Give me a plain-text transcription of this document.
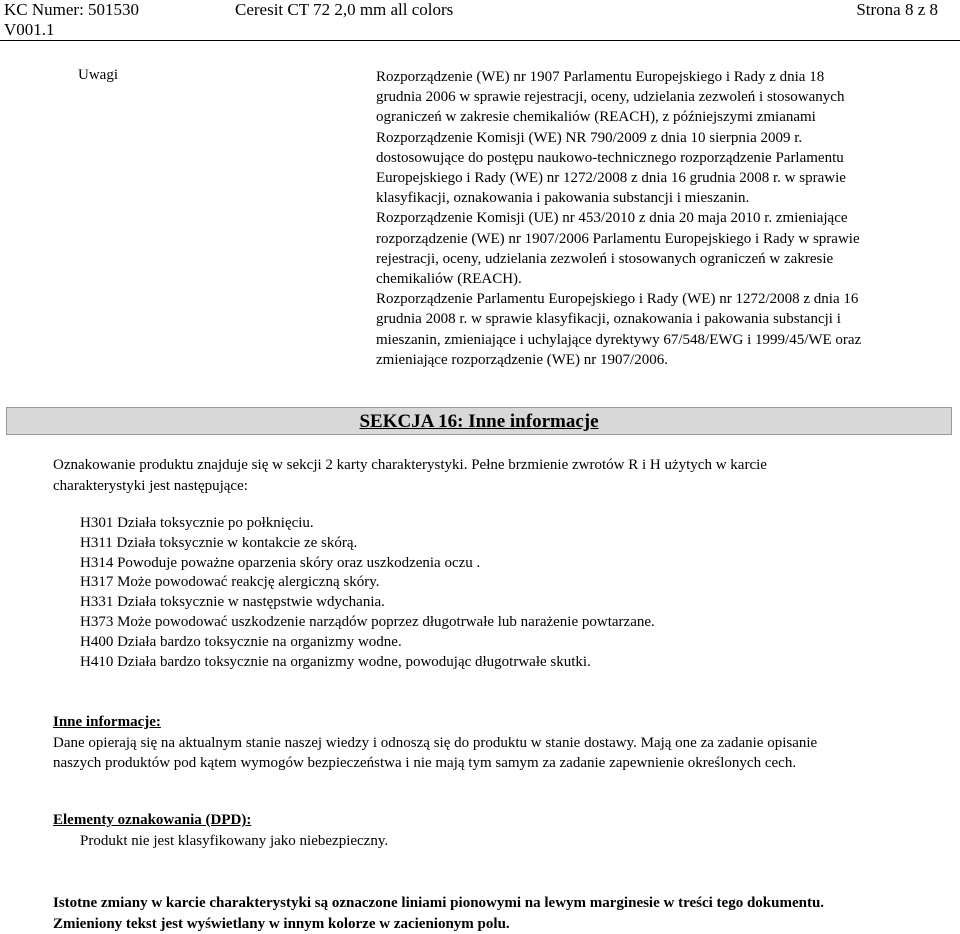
KC Numer: 501530
V001.1
Ceresit CT 72 2,0 mm all colors	Strona 8 z 8
Uwagi	Rozporządzenie (WE) nr 1907 Parlamentu Europejskiego i Rady z dnia 18
grudnia 2006 w sprawie rejestracji, oceny, udzielania zezwoleń i stosowanych
ograniczeń w zakresie chemikaliów (REACH), z późniejszymi zmianami
Rozporządzenie Komisji (WE) NR 790/2009 z dnia 10 sierpnia 2009 r.
dostosowujące do postępu naukowo-technicznego rozporządzenie Parlamentu
Europejskiego i Rady (WE) nr 1272/2008 z dnia 16 grudnia 2008 r. w sprawie
klasyfikacji, oznakowania i pakowania substancji i mieszanin.
Rozporządzenie Komisji (UE) nr 453/2010 z dnia 20 maja 2010 r. zmieniające
rozporządzenie (WE) nr 1907/2006 Parlamentu Europejskiego i Rady w sprawie
rejestracji, oceny, udzielania zezwoleń i stosowanych ograniczeń w zakresie
chemikaliów (REACH).
Rozporządzenie Parlamentu Europejskiego i Rady (WE) nr 1272/2008 z dnia 16
grudnia 2008 r. w sprawie klasyfikacji, oznakowania i pakowania substancji i
mieszanin, zmieniające i uchylające dyrektywy 67/548/EWG i 1999/45/WE oraz
zmieniające rozporządzenie (WE) nr 1907/2006.
SEKCJA 16: Inne informacje
Oznakowanie produktu znajduje się w sekcji 2 karty charakterystyki. Pełne brzmienie zwrotów R i H użytych w karcie
charakterystyki jest następujące:
H301 Działa toksycznie po połknięciu.
H311 Działa toksycznie w kontakcie ze skórą.
H314 Powoduje poważne oparzenia skóry oraz uszkodzenia oczu .
H317 Może powodować reakcję alergiczną skóry.
H331 Działa toksycznie w następstwie wdychania.
H373 Może powodować uszkodzenie narządów poprzez długotrwałe lub narażenie powtarzane.
H400 Działa bardzo toksycznie na organizmy wodne.
H410 Działa bardzo toksycznie na organizmy wodne, powodując długotrwałe skutki.
Inne informacje:
Dane opierają się na aktualnym stanie naszej wiedzy i odnoszą się do produktu w stanie dostawy. Mają one za zadanie opisanie
naszych produktów pod kątem wymogów bezpieczeństwa i nie mają tym samym za zadanie zapewnienie określonych cech.
Elementy oznakowania (DPD):
Produkt nie jest klasyfikowany jako niebezpieczny.
Istotne zmiany w karcie charakterystyki są oznaczone liniami pionowymi na lewym marginesie w treści tego dokumentu.
Zmieniony tekst jest wyświetlany w innym kolorze w zacienionym polu.
